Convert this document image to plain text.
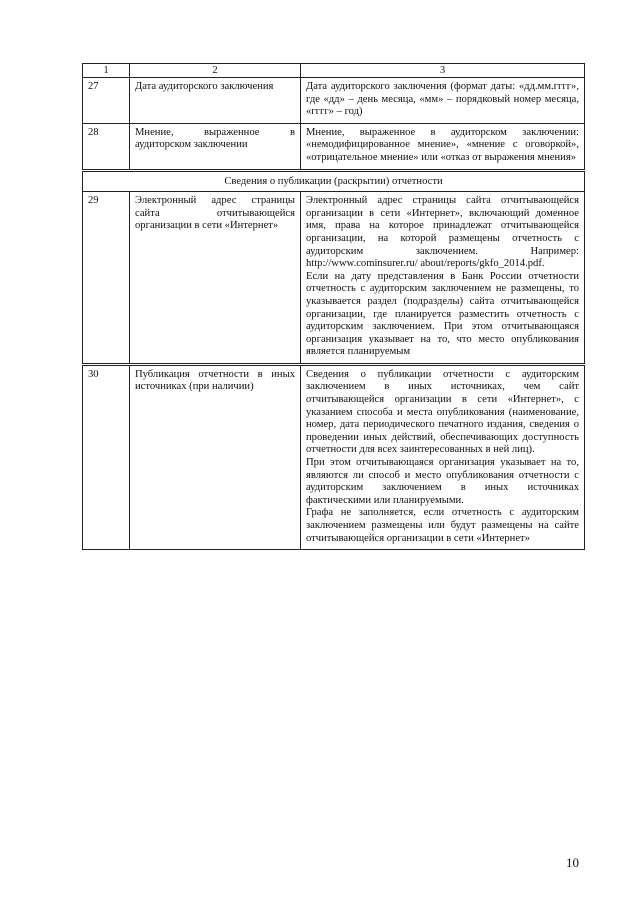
1	2	3
27	Дата аудиторского заключения	Дата аудиторского заключения (формат даты: «дд.мм.гггг», где «дд» – день месяца, «мм» – порядковый номер месяца, «гггг» – год)

28	Мнение, выраженное в аудиторском заключении	Мнение, выраженное в аудиторском заключении: «немодифицированное мнение», «мнение с оговоркой», «отрицательное мнение» или «отказ от выражения мнения»

Сведения о публикации (раскрытии) отчетности		
29	Электронный адрес страницы сайта отчитывающейся организации в сети «Интернет»	Электронный адрес страницы сайта отчитывающейся организации в сети «Интернет», включающий доменное имя, права на которое принадлежат отчитывающейся организации, на которой размещены отчетность с аудиторским заключением. Например: http://www.cominsurer.ru/ about/reports/gkfo_2014.pdf.
Если на дату представления в Банк России отчетности отчетность с аудиторским заключением не размещены, то указывается раздел (подразделы) сайта отчитывающейся организации, где планируется разместить отчетность с аудиторским заключением. При этом отчитывающаяся организация указывает на то, что место опубликования является планируемым

30	Публикация отчетности в иных источниках (при наличии)	Сведения о публикации отчетности с аудиторским заключением в иных источниках, чем сайт отчитывающейся организации в сети «Интернет», с указанием способа и места опубликования (наименование, номер, дата периодического печатного издания, сведения о проведении иных действий, обеспечивающих доступность отчетности для всех заинтересованных в ней лиц).
При этом отчитывающаяся организация указывает на то, являются ли способ и место опубликования отчетности с аудиторским заключением в иных источниках фактическими или планируемыми.
Графа не заполняется, если отчетность с аудиторским заключением размещены или будут размещены на сайте отчитывающейся организации в сети «Интернет»
10
